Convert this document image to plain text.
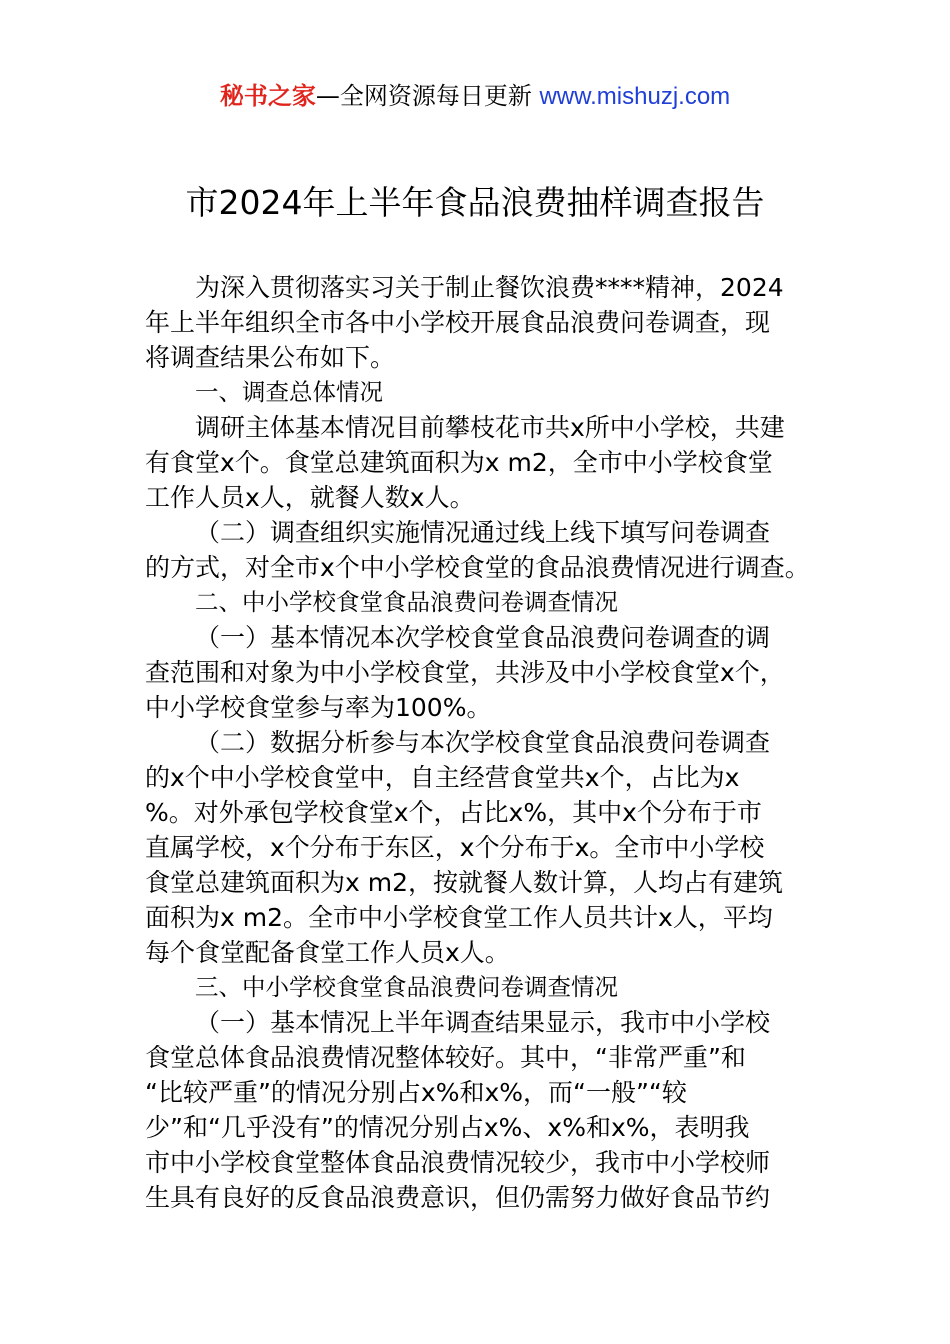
秘书之家—全网资源每日更新 www.mishuzj.com
市2024年上半年食品浪费抽样调查报告
为深入贯彻落实习关于制止餐饮浪费****精神，2024
年上半年组织全市各中小学校开展食品浪费问卷调查，现
将调查结果公布如下。
一、调查总体情况
调研主体基本情况目前攀枝花市共x所中小学校，共建
有食堂x个。食堂总建筑面积为x m2，全市中小学校食堂
工作人员x人，就餐人数x人。
（二）调查组织实施情况通过线上线下填写问卷调查
的方式，对全市x个中小学校食堂的食品浪费情况进行调查。
二、中小学校食堂食品浪费问卷调查情况
（一）基本情况本次学校食堂食品浪费问卷调查的调
查范围和对象为中小学校食堂，共涉及中小学校食堂x个，
中小学校食堂参与率为100%。
（二）数据分析参与本次学校食堂食品浪费问卷调查
的x个中小学校食堂中，自主经营食堂共x个，占比为x
%。对外承包学校食堂x个，占比x%，其中x个分布于市
直属学校，x个分布于东区，x个分布于x。全市中小学校
食堂总建筑面积为x m2，按就餐人数计算，人均占有建筑
面积为x m2。全市中小学校食堂工作人员共计x人，平均
每个食堂配备食堂工作人员x人。
三、中小学校食堂食品浪费问卷调查情况
（一）基本情况上半年调查结果显示，我市中小学校
食堂总体食品浪费情况整体较好。其中，“非常严重”和
“比较严重”的情况分别占x%和x%，而“一般”“较
少”和“几乎没有”的情况分别占x%、x%和x%，表明我
市中小学校食堂整体食品浪费情况较少，我市中小学校师
生具有良好的反食品浪费意识，但仍需努力做好食品节约
